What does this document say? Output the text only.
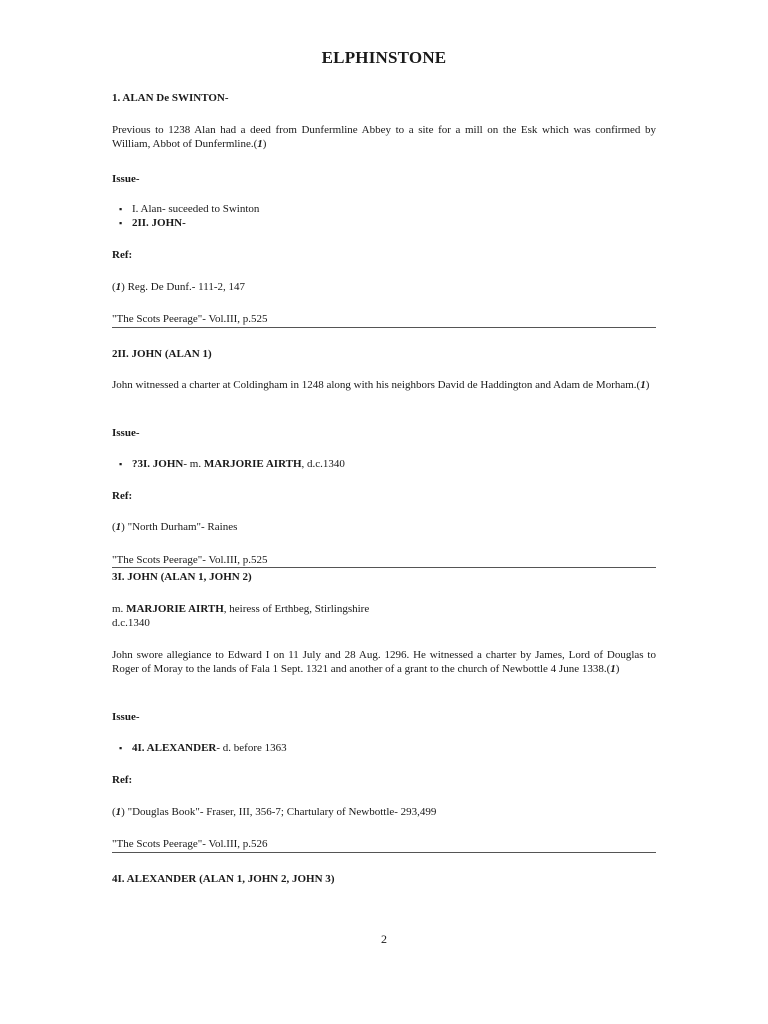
ELPHINSTONE
1. ALAN De SWINTON-
Previous to 1238 Alan had a deed from Dunfermline Abbey to a site for a mill on the Esk which was confirmed by William, Abbot of Dunfermline.(1)
Issue-
▪ I. Alan- suceeded to Swinton
▪ 2II. JOHN-
Ref:
(1) Reg. De Dunf.- 111-2, 147
"The Scots Peerage"- Vol.III, p.525
2II. JOHN (ALAN 1)
John witnessed a charter at Coldingham in 1248 along with his neighbors David de Haddington and Adam de Morham.(1)
Issue-
▪ ?3I. JOHN- m. MARJORIE AIRTH, d.c.1340
Ref:
(1) "North Durham"- Raines
"The Scots Peerage"- Vol.III, p.525
3I. JOHN (ALAN 1, JOHN 2)
m. MARJORIE AIRTH, heiress of Erthbeg, Stirlingshire
d.c.1340
John swore allegiance to Edward I on 11 July and 28 Aug. 1296. He witnessed a charter by James, Lord of Douglas to Roger of Moray to the lands of Fala 1 Sept. 1321 and another of a grant to the church of Newbottle 4 June 1338.(1)
Issue-
▪ 4I. ALEXANDER- d. before 1363
Ref:
(1) "Douglas Book"- Fraser, III, 356-7; Chartulary of Newbottle- 293,499
"The Scots Peerage"- Vol.III, p.526
4I. ALEXANDER (ALAN 1, JOHN 2, JOHN 3)
2
